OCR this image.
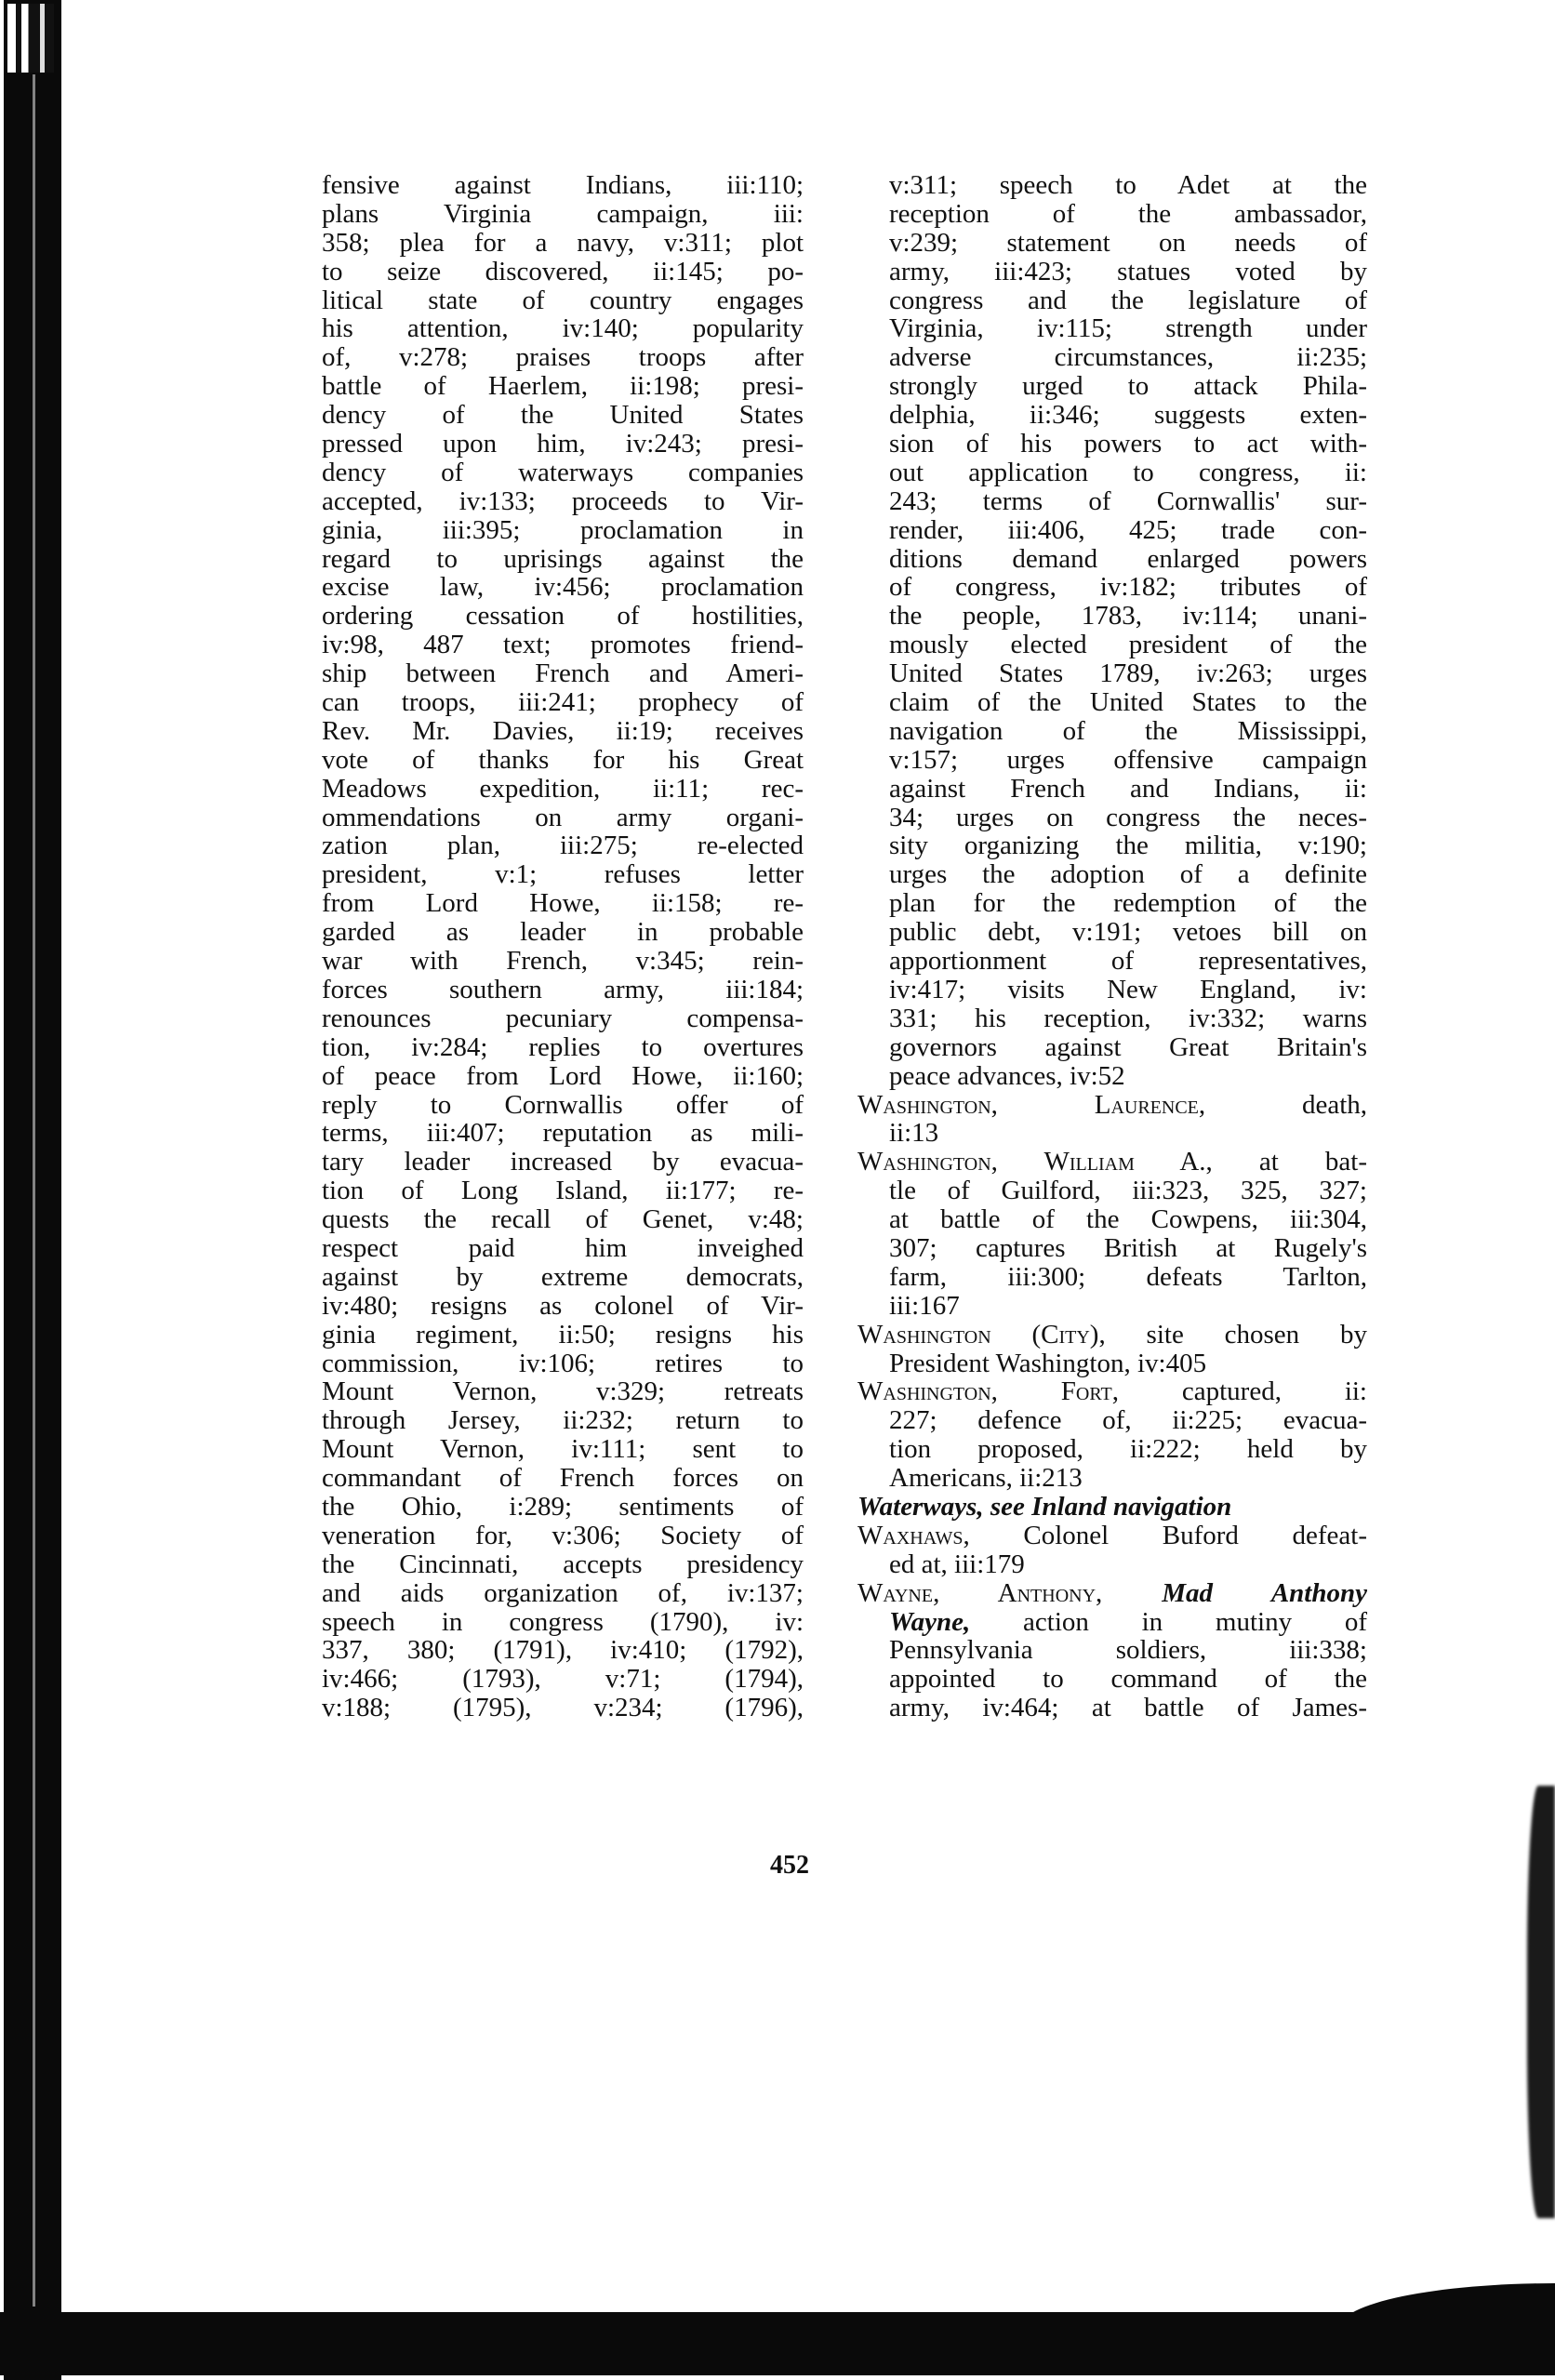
fensive against Indians, iii:110;
plans Virginia campaign, iii:
358; plea for a navy, v:311; plot
to seize discovered, ii:145; po-
litical state of country engages
his attention, iv:140; popularity
of, v:278; praises troops after
battle of Haerlem, ii:198; presi-
dency of the United States
pressed upon him, iv:243; presi-
dency of waterways companies
accepted, iv:133; proceeds to Vir-
ginia, iii:395; proclamation in
regard to uprisings against the
excise law, iv:456; proclamation
ordering cessation of hostilities,
iv:98, 487 text; promotes friend-
ship between French and Ameri-
can troops, iii:241; prophecy of
Rev. Mr. Davies, ii:19; receives
vote of thanks for his Great
Meadows expedition, ii:11; rec-
ommendations on army organi-
zation plan, iii:275; re-elected
president, v:1; refuses letter
from Lord Howe, ii:158; re-
garded as leader in probable
war with French, v:345; rein-
forces southern army, iii:184;
renounces pecuniary compensa-
tion, iv:284; replies to overtures
of peace from Lord Howe, ii:160;
reply to Cornwallis offer of
terms, iii:407; reputation as mili-
tary leader increased by evacua-
tion of Long Island, ii:177; re-
quests the recall of Genet, v:48;
respect paid him inveighed
against by extreme democrats,
iv:480; resigns as colonel of Vir-
ginia regiment, ii:50; resigns his
commission, iv:106; retires to
Mount Vernon, v:329; retreats
through Jersey, ii:232; return to
Mount Vernon, iv:111; sent to
commandant of French forces on
the Ohio, i:289; sentiments of
veneration for, v:306; Society of
the Cincinnati, accepts presidency
and aids organization of, iv:137;
speech in congress (1790), iv:
337, 380; (1791), iv:410; (1792),
iv:466; (1793), v:71; (1794),
v:188; (1795), v:234; (1796),
v:311; speech to Adet at the
reception of the ambassador,
v:239; statement on needs of
army, iii:423; statues voted by
congress and the legislature of
Virginia, iv:115; strength under
adverse circumstances, ii:235;
strongly urged to attack Phila-
delphia, ii:346; suggests exten-
sion of his powers to act with-
out application to congress, ii:
243; terms of Cornwallis' sur-
render, iii:406, 425; trade con-
ditions demand enlarged powers
of congress, iv:182; tributes of
the people, 1783, iv:114; unani-
mously elected president of the
United States 1789, iv:263; urges
claim of the United States to the
navigation of the Mississippi,
v:157; urges offensive campaign
against French and Indians, ii:
34; urges on congress the neces-
sity organizing the militia, v:190;
urges the adoption of a definite
plan for the redemption of the
public debt, v:191; vetoes bill on
apportionment of representatives,
iv:417; visits New England, iv:
331; his reception, iv:332; warns
governors against Great Britain's
peace advances, iv:52
Washington, Laurence,	death,
ii:13
Washington, William A., at bat-
tle of Guilford, iii:323, 325, 327;
at battle of the Cowpens, iii:304,
307; captures British at Rugely's
farm, iii:300; defeats Tarlton,
iii:167
Washington (City), site chosen by
President Washington, iv:405
Washington, Fort, captured, ii:
227; defence of, ii:225; evacua-
tion proposed, ii:222; held by
Americans, ii:213
Waterways, see Inland navigation
Waxhaws, Colonel Buford defeat-
ed at, iii:179
Wayne, Anthony, Mad Anthony
Wayne, action in mutiny of
Pennsylvania soldiers, iii:338;
appointed to command of the
army, iv:464; at battle of James-
452
